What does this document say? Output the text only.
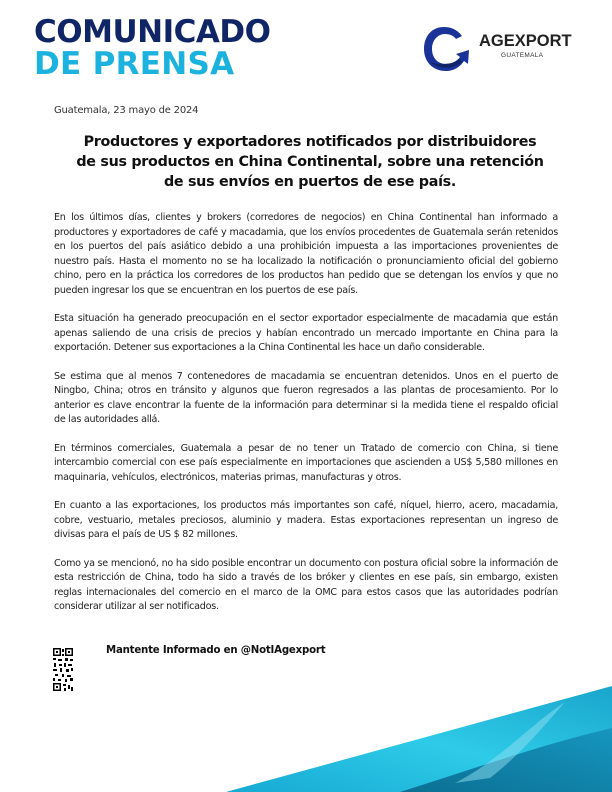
COMUNICADO
DE PRENSA
AGEXPORT
GUATEMALA
Guatemala, 23 mayo de 2024
Productores y exportadores notificados por distribuidores
de sus productos en China Continental, sobre una retención
de sus envíos en puertos de ese país.

En los últimos días, clientes y brokers (corredores de negocios) en China Continental han informado a productores y exportadores de café y macadamia, que los envíos procedentes de Guatemala serán retenidos en los puertos del país asiático debido a una prohibición impuesta a las importaciones provenientes de nuestro país. Hasta el momento no se ha localizado la notificación o pronunciamiento oficial del gobierno chino, pero en la práctica los corredores de los productos han pedido que se detengan los envíos y que no pueden ingresar los que se encuentran en los puertos de ese país.

Esta situación ha generado preocupación en el sector exportador especialmente de macadamia que están apenas saliendo de una crisis de precios y habían encontrado un mercado importante en China para la exportación. Detener sus exportaciones a la China Continental les hace un daño considerable.

Se estima que al menos 7 contenedores de macadamia se encuentran detenidos. Unos en el puerto de Ningbo, China; otros en tránsito y algunos que fueron regresados a las plantas de procesamiento. Por lo anterior es clave encontrar la fuente de la información para determinar si la medida tiene el respaldo oficial de las autoridades allá.

En términos comerciales, Guatemala a pesar de no tener un Tratado de comercio con China, si tiene intercambio comercial con ese país especialmente en importaciones que ascienden a US$ 5,580 millones en maquinaria, vehículos, electrónicos, materias primas, manufacturas y otros.

En cuanto a las exportaciones, los productos más importantes son café, níquel, hierro, acero, macadamia, cobre, vestuario, metales preciosos, aluminio y madera. Estas exportaciones representan un ingreso de divisas para el país de US $ 82 millones.

Como ya se mencionó, no ha sido posible encontrar un documento con postura oficial sobre la información de esta restricción de China, todo ha sido a través de los bróker y clientes en ese país, sin embargo, existen reglas internacionales del comercio en el marco de la OMC para estos casos que las autoridades podrían considerar utilizar al ser notificados.

Mantente Informado en @NotIAgexport
